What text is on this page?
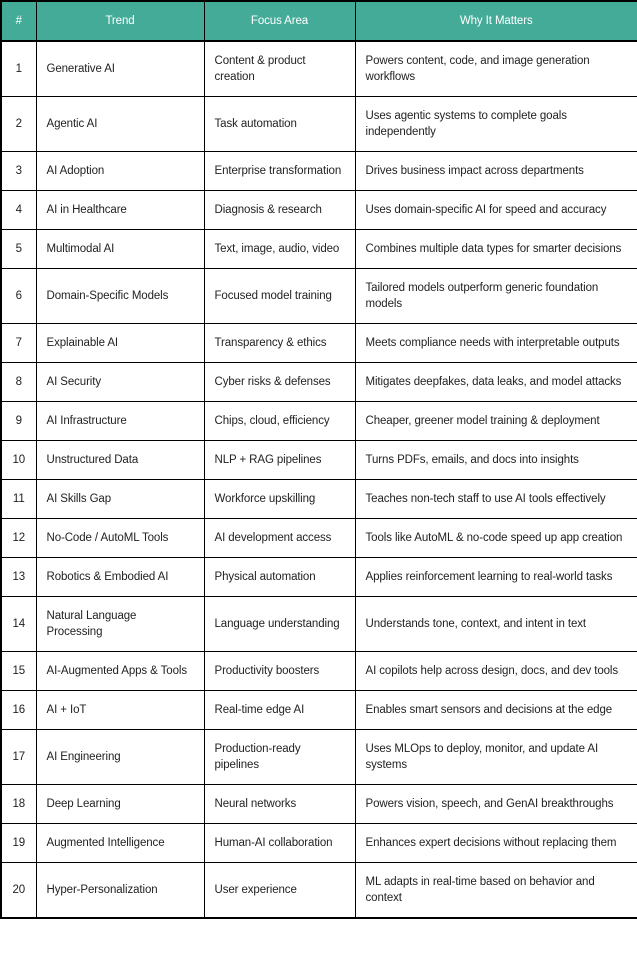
#	Trend	Focus Area	Why It Matters
1	Generative AI	Content & product creation	Powers content, code, and image generation workflows
2	Agentic AI	Task automation	Uses agentic systems to complete goals independently
3	AI Adoption	Enterprise transformation	Drives business impact across departments
4	AI in Healthcare	Diagnosis & research	Uses domain-specific AI for speed and accuracy
5	Multimodal AI	Text, image, audio, video	Combines multiple data types for smarter decisions
6	Domain-Specific Models	Focused model training	Tailored models outperform generic foundation models
7	Explainable AI	Transparency & ethics	Meets compliance needs with interpretable outputs
8	AI Security	Cyber risks & defenses	Mitigates deepfakes, data leaks, and model attacks
9	AI Infrastructure	Chips, cloud, efficiency	Cheaper, greener model training & deployment
10	Unstructured Data	NLP + RAG pipelines	Turns PDFs, emails, and docs into insights
11	AI Skills Gap	Workforce upskilling	Teaches non-tech staff to use AI tools effectively
12	No-Code / AutoML Tools	AI development access	Tools like AutoML & no-code speed up app creation
13	Robotics & Embodied AI	Physical automation	Applies reinforcement learning to real-world tasks
14	Natural Language Processing	Language understanding	Understands tone, context, and intent in text
15	AI-Augmented Apps & Tools	Productivity boosters	AI copilots help across design, docs, and dev tools
16	AI + IoT	Real-time edge AI	Enables smart sensors and decisions at the edge
17	AI Engineering	Production-ready pipelines	Uses MLOps to deploy, monitor, and update AI systems
18	Deep Learning	Neural networks	Powers vision, speech, and GenAI breakthroughs
19	Augmented Intelligence	Human-AI collaboration	Enhances expert decisions without replacing them
20	Hyper-Personalization	User experience	ML adapts in real-time based on behavior and context
